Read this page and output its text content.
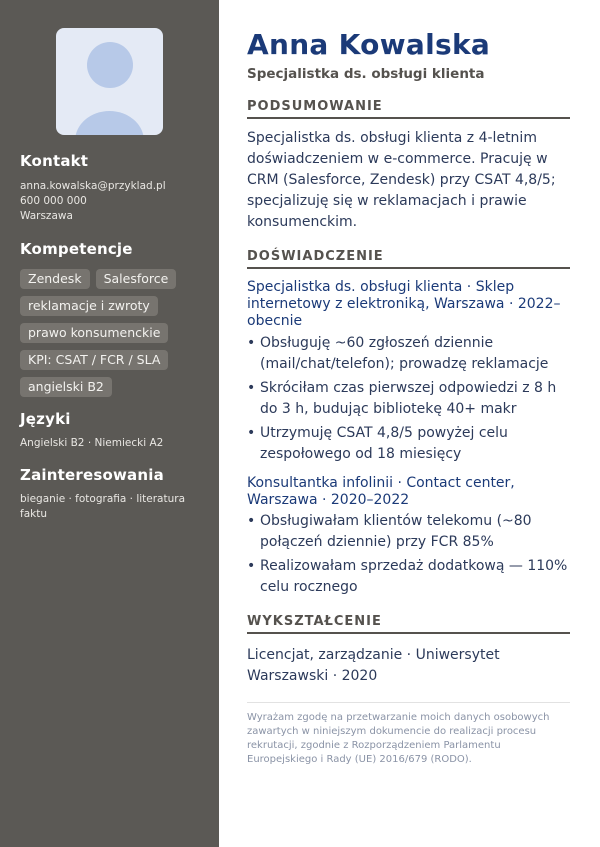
Kontakt
anna.kowalska@przyklad.pl
600 000 000
Warszawa
Kompetencje
Zendesk	Salesforce
reklamacje i zwroty
prawo konsumenckie
KPI: CSAT / FCR / SLA
angielski B2
Języki
Angielski B2 · Niemiecki A2
Zainteresowania
bieganie · fotografia · literatura faktu
Anna Kowalska
Specjalistka ds. obsługi klienta
PODSUMOWANIE
Specjalistka ds. obsługi klienta z 4-letnim doświadczeniem w e-commerce. Pracuję w CRM (Salesforce, Zendesk) przy CSAT 4,8/5; specjalizuję się w reklamacjach i prawie konsumenckim.
DOŚWIADCZENIE
Specjalistka ds. obsługi klienta · Sklep internetowy z elektroniką, Warszawa · 2022–obecnie
• Obsługuję ~60 zgłoszeń dziennie (mail/chat/telefon); prowadzę reklamacje
• Skróciłam czas pierwszej odpowiedzi z 8 h do 3 h, budując bibliotekę 40+ makr
• Utrzymuję CSAT 4,8/5 powyżej celu zespołowego od 18 miesięcy
Konsultantka infolinii · Contact center, Warszawa · 2020–2022
• Obsługiwałam klientów telekomu (~80 połączeń dziennie) przy FCR 85%
• Realizowałam sprzedaż dodatkową — 110% celu rocznego
WYKSZTAŁCENIE
Licencjat, zarządzanie · Uniwersytet Warszawski · 2020
Wyrażam zgodę na przetwarzanie moich danych osobowych zawartych w niniejszym dokumencie do realizacji procesu rekrutacji, zgodnie z Rozporządzeniem Parlamentu Europejskiego i Rady (UE) 2016/679 (RODO).
